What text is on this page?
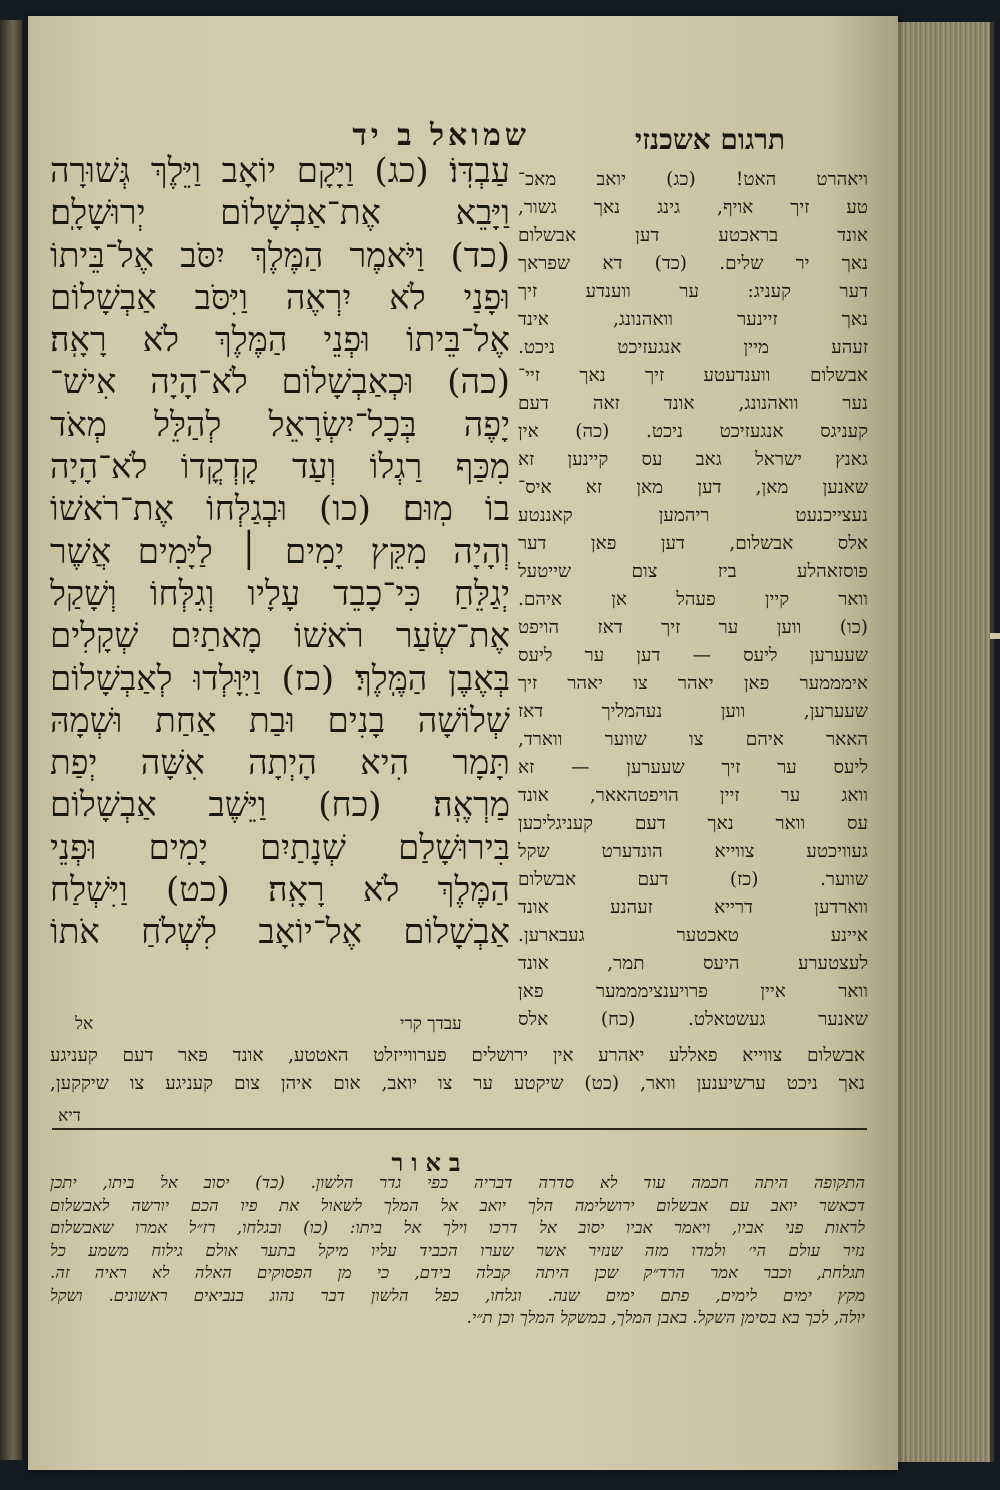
שמואל ב יד	תרגום אשכנזי
עַבְדּֽוֹ׃ (כג) וַיָּקָם יוֹאָב וַיֵּלֶךְ גְּשׁוּרָה
וַיָּבֵא אֶת־אַבְשָׁלוֹם יְרוּשָׁלָֽם׃
(כד) וַיֹּאמֶר הַמֶּלֶךְ יִסֹּב אֶל־בֵּיתוֹ
וּפָנַי לֹא יִרְאֶה וַיִּסֹּב אַבְשָׁלוֹם
אֶל־בֵּיתוֹ וּפְנֵי הַמֶּלֶךְ לֹא רָאָֽה׃
(כה) וּכְאַבְשָׁלוֹם לֹא־הָיָה אִישׁ־
יָפֶה בְּכָל־יִשְׂרָאֵל לְהַלֵּל מְאֹד
מִכַּף רַגְלוֹ וְעַד קָדְקֳדוֹ לֹא־הָיָה
בוֹ מֽוּם׃ (כו) וּבְגַלְּחוֹ אֶת־רֹאשׁוֹ
וְהָיָה מִקֵּץ יָמִים ׀ לַיָּמִים אֲשֶׁר
יְגַלֵּחַ כִּי־כָבֵד עָלָיו וְגִלְּחוֹ וְשָׁקַל
אֶת־שְׂעַר רֹאשׁוֹ מָאתַיִם שְׁקָלִים
בְּאֶבֶן הַמֶּֽלֶךְ׃ (כז) וַיִּוָּלְדוּ לְאַבְשָׁלוֹם
שְׁלוֹשָׁה בָנִים וּבַת אַחַת וּשְׁמָהּ
תָּמָר הִיא הָיְתָה אִשָּׁה יְפַת
מַרְאֶֽה׃ (כח) וַיֵּשֶׁב אַבְשָׁלוֹם
בִּירוּשָׁלַם שְׁנָתַיִם יָמִים וּפְנֵי
הַמֶּלֶךְ לֹא רָאָֽה׃ (כט) וַיִּשְׁלַח
אַבְשָׁלוֹם אֶל־יוֹאָב לִשְׁלֹחַ אֹתוֹ
אל	עבדך קרי
ויאהרט האט! (כג) יואב מאכ־
טע זיך אויף, גינג נאך גשור,
אונד בראכטע דען אבשלום
נאך יר שלים. (כד) דא שפראך
דער קעניג: ער ווענדע זיך
נאך זיינער וואהנונג, אינד
זעהע מיין אנגעזיכט ניכט.
אבשלום ווענדעטע זיך נאך זיי־
נער וואהנונג, אונד זאה דעם
קעניגס אנגעזיכט ניכט. (כה) אין
גאנץ ישראל גאב עס קיינען זא
שאנען מאן, דען מאן זא איס־
נעצייכנעט ריהמען קאננטע
אלס אבשלום, דען פאן דער
פוסזאהלע ביז צום שייטעל
וואר קיין פעהל אן איהם.
(כו) ווען ער זיך דאז הויפט
שעערען ליעס — דען ער ליעס
אימממער פאן יאהר צו יאהר זיך
שעערען, ווען נעהמליך דאז
האאר איהם צו שווער ווארד,
ליעס ער זיך שעערען — זא
וואג ער זיין הויפטהאאר, אונד
עס וואר נאך דעם קעניגליכען
געוויכטע צווייא הונדערט שקל
שווער. (כז) דעם אבשלום
ווארדען דרייא זעהנע אונד
איינע טאכטער געבארען.
לעצטערע היעס תמר, אונד
וואר איין פרויענצימממער פאן
שאנער געשטאלט. (כח) אלס
אבשלום צווייא פאללע יאהרע אין ירושלים פערווייזלט האטטע, אונד פאר דעם קעניגע
נאך ניכט ערשיענען וואר, (כט) שיקטע ער צו יואב, אום איהן צום קעניגע צו שיקקען,
דיא
באור
התקופה היתה חכמה עוד לא סדרה דבריה כפי גדר הלשון. (כד) יסוב אל ביתו, יתכן
דכאשר יואב עם אבשלום ירושלימה הלך יואב אל המלך לשאול את פיו הכם יורשה לאבשלום
לראות פני אביו, ויאמר אביו יסוב אל דרכו וילך אל ביתו: (כו) ובגלחו, רז״ל אמרו שאבשלום
נזיר עולם הי׳ ולמדו מזה שנזיר אשר שערו הכביד עליו מיקל בתער אולם גילוח משמע כל
תגלחת, וכבר אמר הרד״ק שכן היתה קבלה בידם, כי מן הפסוקים האלה לא ראיה זה.
מקץ ימים לימים, פתם ימים שנה. וגלחו, כפל הלשון דבר נהוג בנביאים ראשונים. ושקל
יולה, לכך בא בסימן השקל. באבן המלך, במשקל המלך וכן ת״י.
